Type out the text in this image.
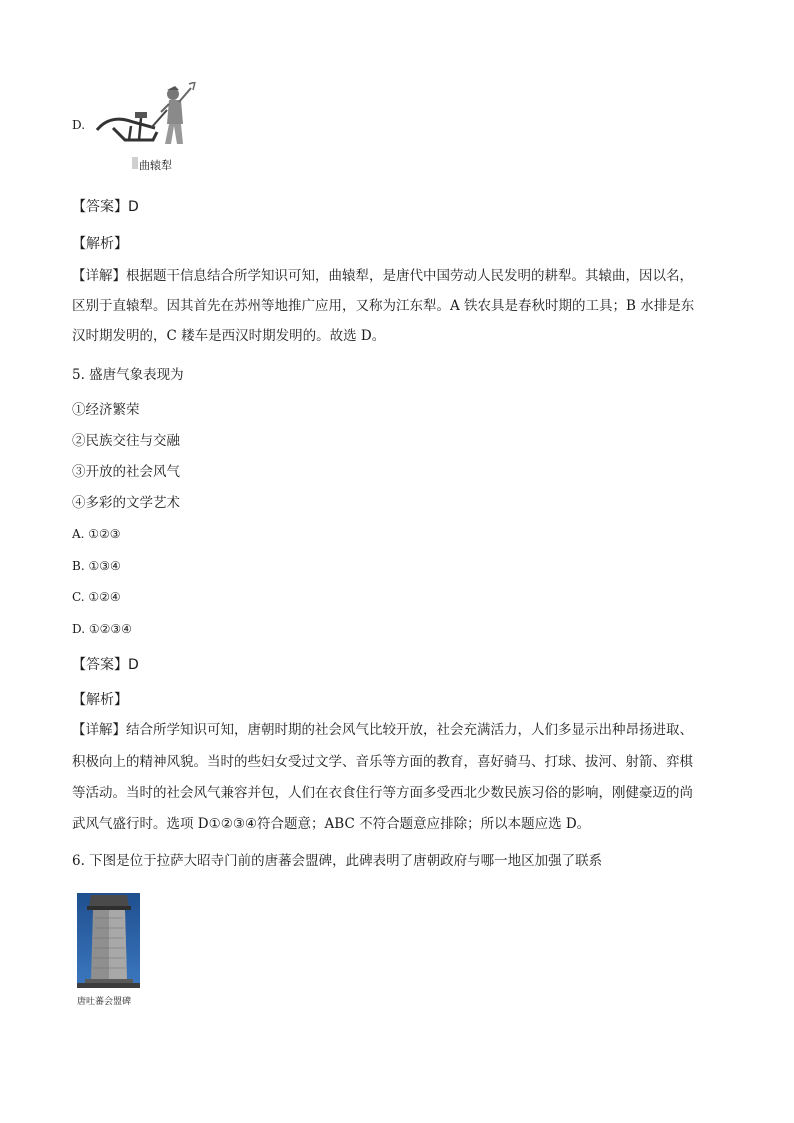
D.
曲辕犁
【答案】D
【解析】
【详解】根据题干信息结合所学知识可知，曲辕犁，是唐代中国劳动人民发明的耕犁。其辕曲，因以名，
区别于直辕犁。因其首先在苏州等地推广应用，又称为江东犁。A 铁农具是春秋时期的工具；B 水排是东
汉时期发明的，C 耧车是西汉时期发明的。故选 D。
5. 盛唐气象表现为
①经济繁荣
②民族交往与交融
③开放的社会风气
④多彩的文学艺术
A. ①②③
B. ①③④
C. ①②④
D. ①②③④
【答案】D
【解析】
【详解】结合所学知识可知，唐朝时期的社会风气比较开放，社会充满活力，人们多显示出种昂扬进取、
积极向上的精神风貌。当时的些妇女受过文学、音乐等方面的教育，喜好骑马、打球、拔河、射箭、弈棋
等活动。当时的社会风气兼容并包，人们在衣食住行等方面多受西北少数民族习俗的影响，刚健豪迈的尚
武风气盛行时。选项 D①②③④符合题意；ABC 不符合题意应排除；所以本题应选 D。
6. 下图是位于拉萨大昭寺门前的唐蕃会盟碑，此碑表明了唐朝政府与哪一地区加强了联系
唐吐蕃会盟碑
